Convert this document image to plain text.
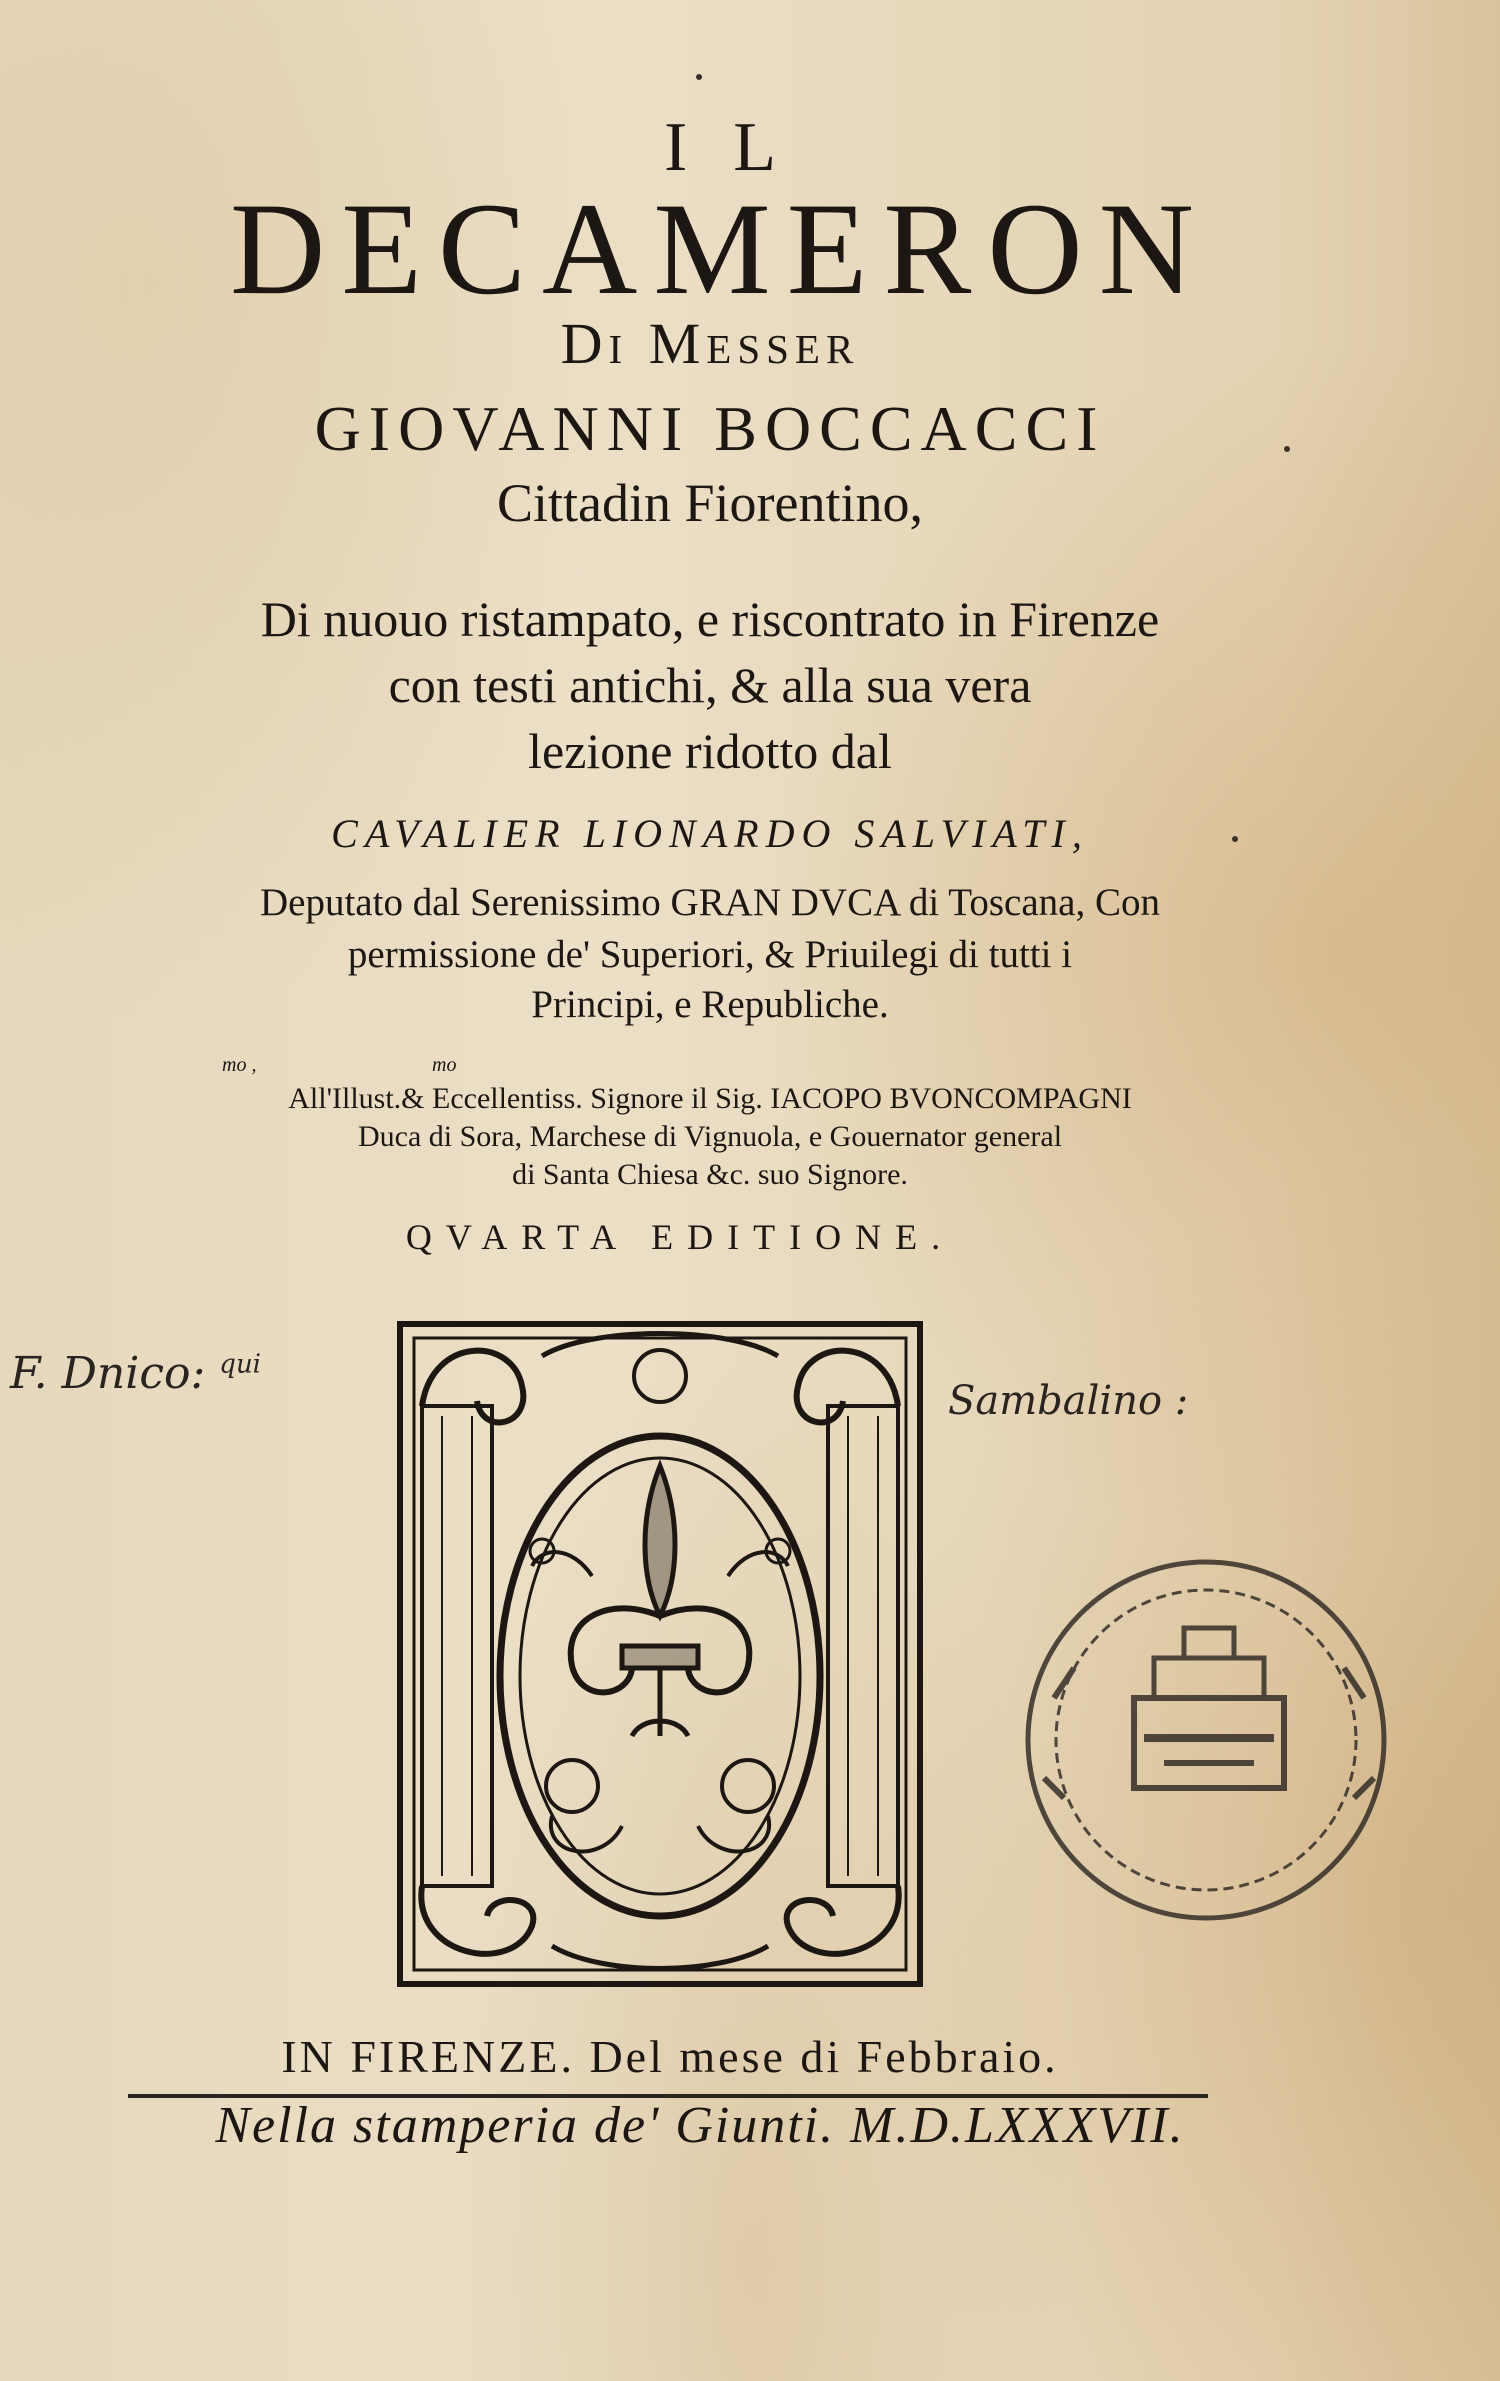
IL
DECAMERON
Di Messer
GIOVANNI BOCCACCI
Cittadin Fiorentino,
Di nuouo ristampato, e riscontrato in Firenze
con testi antichi, & alla sua vera
lezione ridotto dal
CAVALIER LIONARDO SALVIATI,
Deputato dal Serenissimo GRAN DVCA di Toscana, Con
permissione de' Superiori, & Priuilegi di tutti i
Principi, e Republiche.
mo ,	mo
All'Illust.& Eccellentiss. Signore il Sig. IACOPO BVONCOMPAGNI
Duca di Sora, Marchese di Vignuola, e Gouernator general
di Santa Chiesa &c. suo Signore.
QVARTA EDITIONE.
F. Dnico: $^{qui}$
Sambalino :
IN FIRENZE. Del mese di Febbraio.
Nella stamperia de' Giunti. M.D.LXXXVII.
